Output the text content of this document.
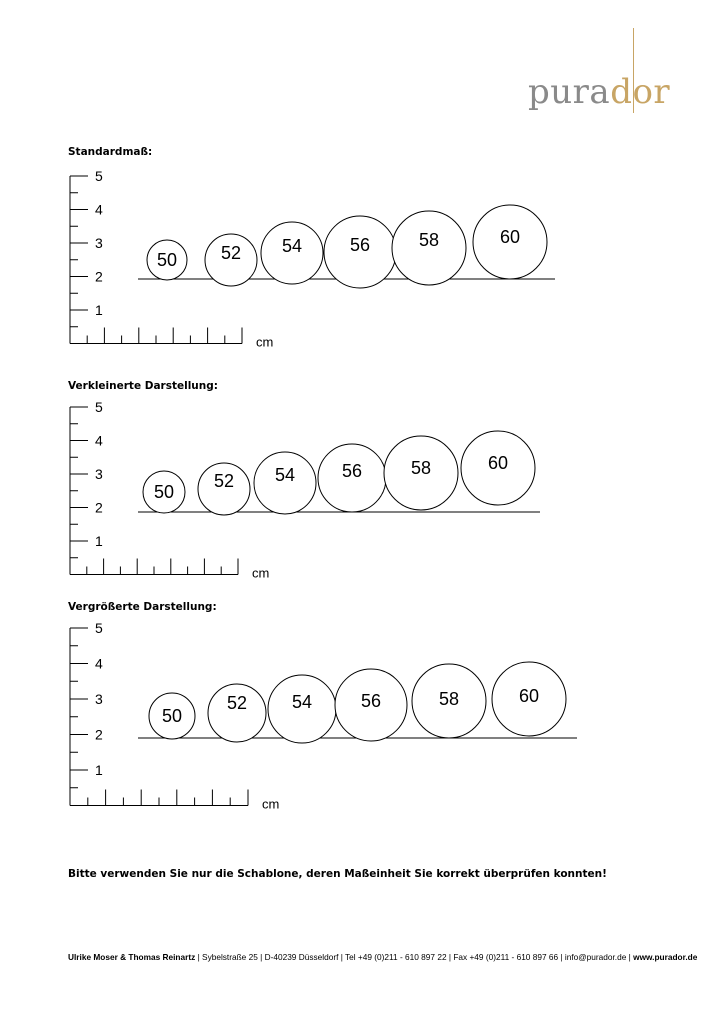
purador
Standardmaß:
5
4
3
2
1
cm
50 52 54	56	58	60
Verkleinerte Darstellung:
5
4
3
2
1
cm
50
52 54	56	58	60
Vergrößerte Darstellung:
5
4
3
2
1
cm
50
52 54	56	58	60
Bitte verwenden Sie nur die Schablone, deren Maßeinheit Sie korrekt überprüfen konnten!
Ulrike Moser & Thomas Reinartz | Sybelstraße 25 | D-40239 Düsseldorf | Tel +49 (0)211 - 610 897 22 | Fax +49 (0)211 - 610 897 66 | info@purador.de | www.purador.de
